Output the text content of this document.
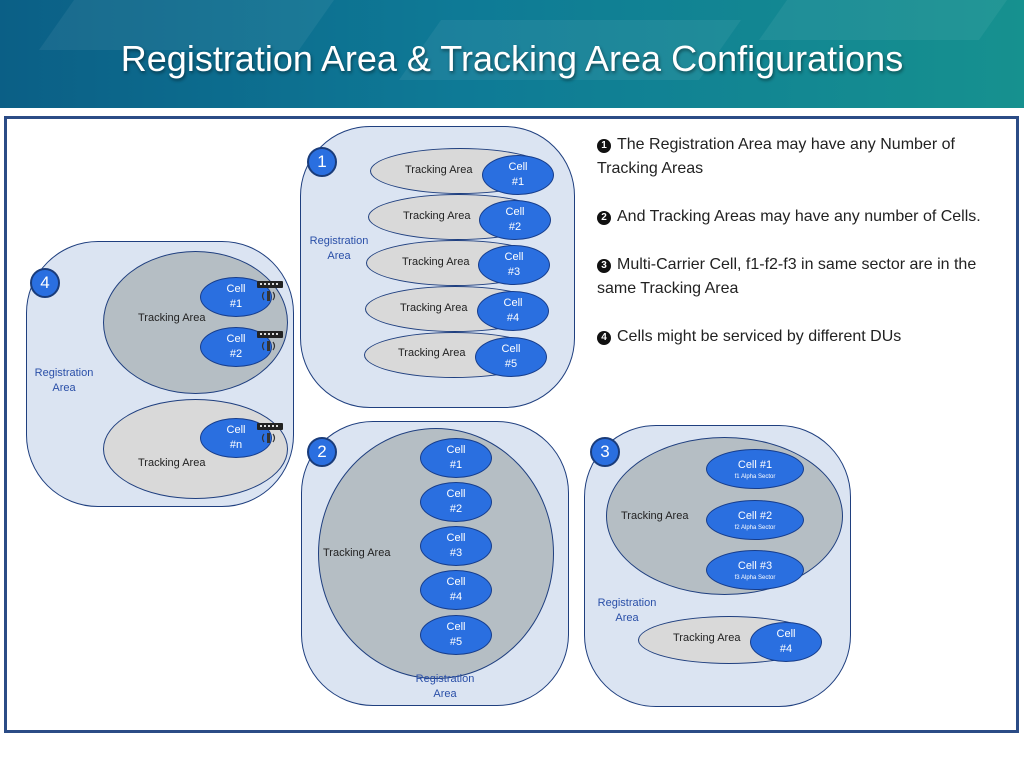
Registration Area & Tracking Area Configurations
Registration
Area
1	Tracking Area	Cell
#1
Tracking Area	Cell
#2
Tracking Area	Cell
#3
Tracking Area	Cell
#4
Tracking Area	Cell
#5
Registration
Area
4
Tracking Area
Cell
#1
Cell
#2
Tracking Area
Cell
#n	2
Tracking Area
Cell
#1
Cell
#2
Cell
#3
Cell
#4
Cell
#5
Registration
Area
3
Tracking Area
Cell #1
f1 Alpha Sector
Cell #2
f2 Alpha Sector
Cell #3
f3 Alpha Sector
Registration
Area
Tracking Area	Cell
#4

1 The Registration Area may have any Number of Tracking Areas

2 And Tracking Areas may have any number of Cells.

3 Multi-Carrier Cell, f1-f2-f3 in same sector are in the same Tracking Area

4 Cells might be serviced by different DUs
